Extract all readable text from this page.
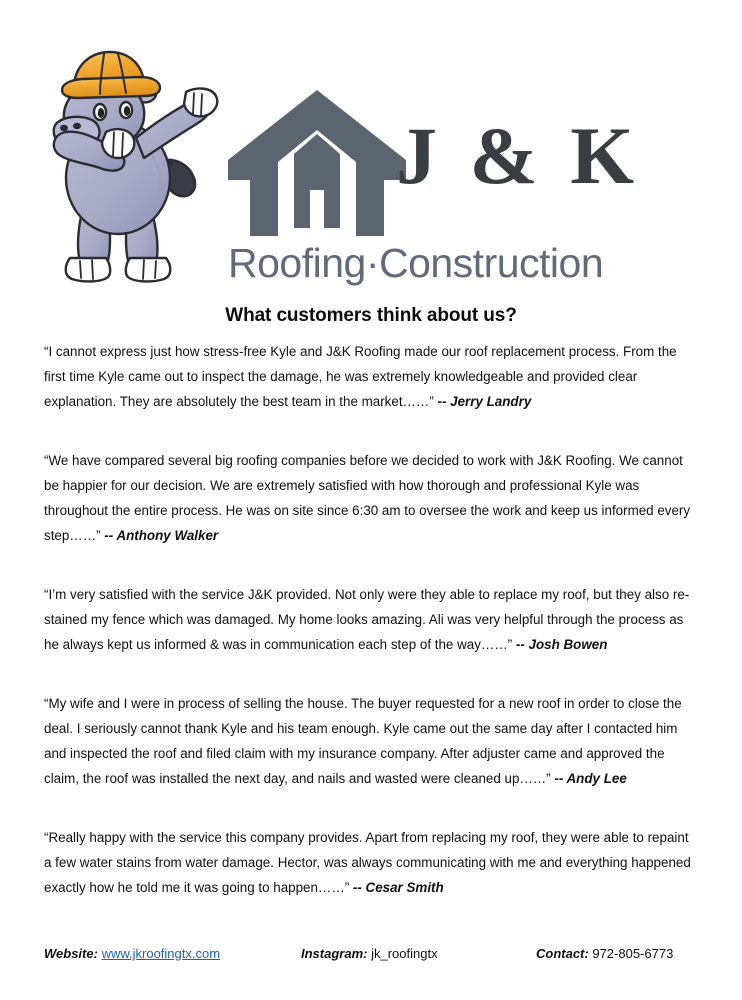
J & K
Roofing·Construction
What customers think about us?

“I cannot express just how stress-free Kyle and J&K Roofing made our roof replacement process. From the first time Kyle came out to inspect the damage, he was extremely knowledgeable and provided clear explanation. They are absolutely the best team in the market……” -- Jerry Landry

“We have compared several big roofing companies before we decided to work with J&K Roofing. We cannot be happier for our decision. We are extremely satisfied with how thorough and professional Kyle was throughout the entire process. He was on site since 6:30 am to oversee the work and keep us informed every step……” -- Anthony Walker

“I’m very satisfied with the service J&K provided. Not only were they able to replace my roof, but they also re-stained my fence which was damaged. My home looks amazing. Ali was very helpful through the process as he always kept us informed & was in communication each step of the way……” -- Josh Bowen

“My wife and I were in process of selling the house. The buyer requested for a new roof in order to close the deal. I seriously cannot thank Kyle and his team enough. Kyle came out the same day after I contacted him and inspected the roof and filed claim with my insurance company. After adjuster came and approved the claim, the roof was installed the next day, and nails and wasted were cleaned up……” -- Andy Lee

“Really happy with the service this company provides. Apart from replacing my roof, they were able to repaint a few water stains from water damage. Hector, was always communicating with me and everything happened exactly how he told me it was going to happen……” -- Cesar Smith

Website: www.jkroofingtx.com	Instagram: jk_roofingtx	Contact: 972-805-6773
